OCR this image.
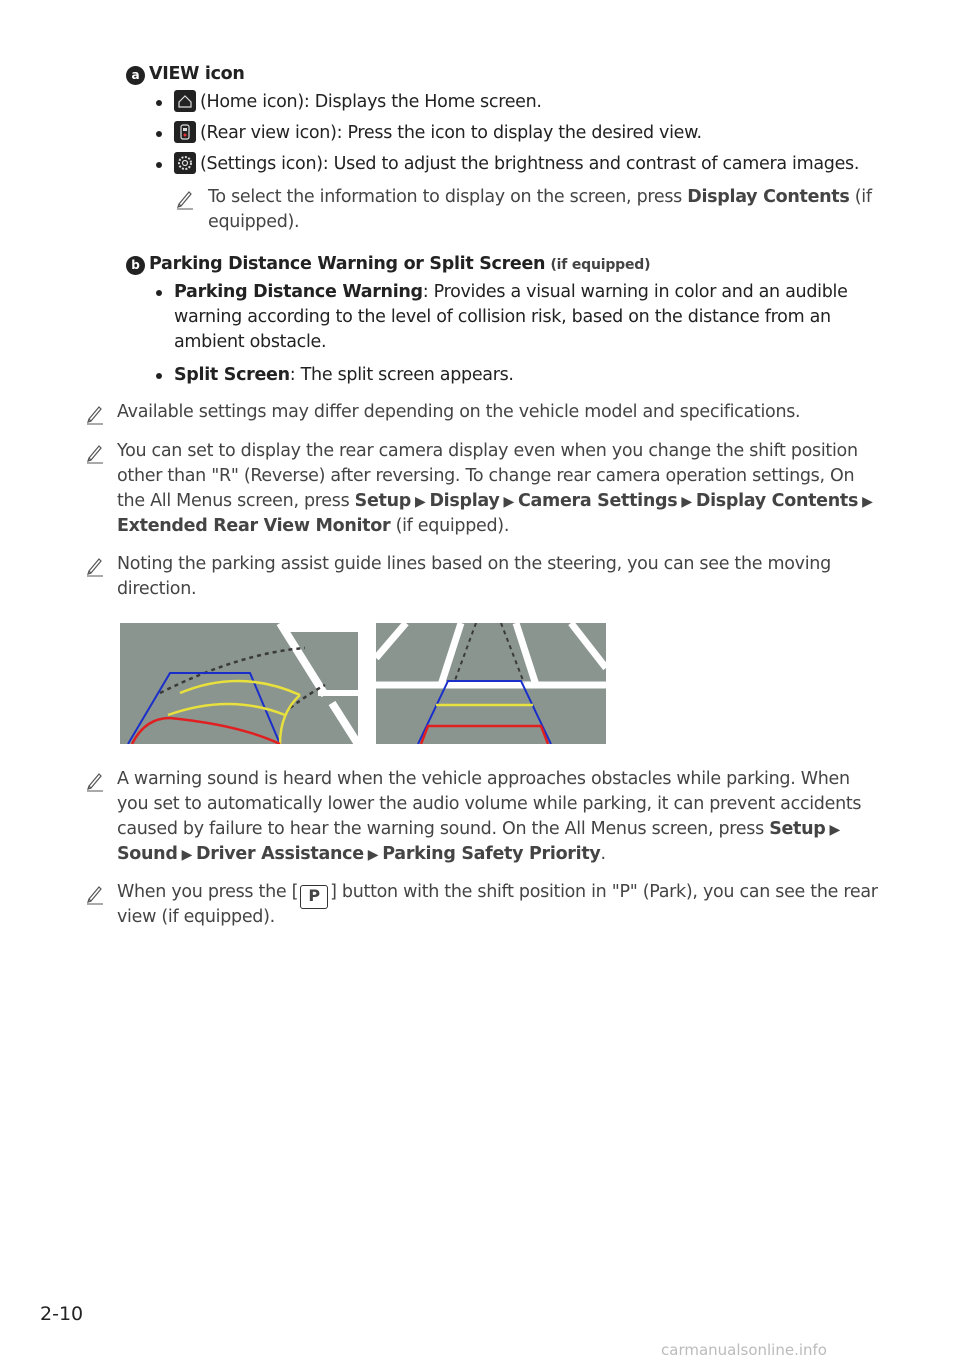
a VIEW icon
(Home icon): Displays the Home screen.
(Rear view icon): Press the icon to display the desired view.
(Settings icon): Used to adjust the brightness and contrast of camera images.
To select the information to display on the screen, press Display Contents (if
equipped).
b Parking Distance Warning or Split Screen (if equipped)
Parking Distance Warning: Provides a visual warning in color and an audible
warning according to the level of collision risk, based on the distance from an
ambient obstacle.
Split Screen: The split screen appears.
Available settings may differ depending on the vehicle model and specifications.
You can set to display the rear camera display even when you change the shift position
other than "R" (Reverse) after reversing. To change rear camera operation settings, On
the All Menus screen, press Setup ▶ Display ▶ Camera Settings ▶ Display Contents ▶
Extended Rear View Monitor (if equipped).
Noting the parking assist guide lines based on the steering, you can see the moving
direction.
A warning sound is heard when the vehicle approaches obstacles while parking. When
you set to automatically lower the audio volume while parking, it can prevent accidents
caused by failure to hear the warning sound. On the All Menus screen, press Setup ▶
Sound ▶ Driver Assistance ▶ Parking Safety Priority.
When you press the [ P ] button with the shift position in "P" (Park), you can see the rear
view (if equipped).
2-10
carmanualsonline.info
